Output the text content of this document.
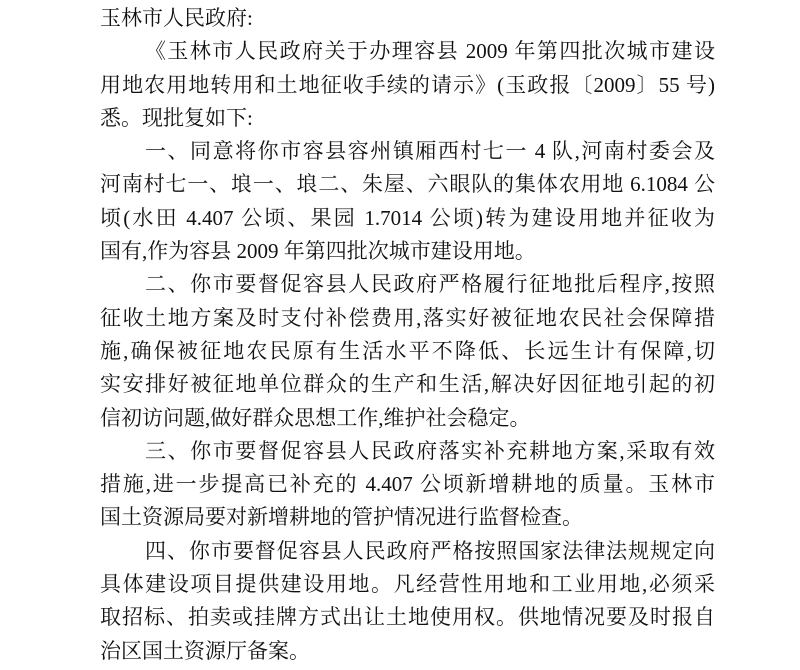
玉林市人民政府:
《玉林市人民政府关于办理容县 2009 年第四批次城市建设
用地农用地转用和土地征收手续的请示》(玉政报〔2009〕55 号)
悉。现批复如下:
一、同意将你市容县容州镇厢西村七一 4 队,河南村委会及
河南村七一、埌一、埌二、朱屋、六眼队的集体农用地 6.1084 公
顷(水田 4.407 公顷、果园 1.7014 公顷)转为建设用地并征收为
国有,作为容县 2009 年第四批次城市建设用地。
二、你市要督促容县人民政府严格履行征地批后程序,按照
征收土地方案及时支付补偿费用,落实好被征地农民社会保障措
施,确保被征地农民原有生活水平不降低、长远生计有保障,切
实安排好被征地单位群众的生产和生活,解决好因征地引起的初
信初访问题,做好群众思想工作,维护社会稳定。
三、你市要督促容县人民政府落实补充耕地方案,采取有效
措施,进一步提高已补充的 4.407 公顷新增耕地的质量。玉林市
国土资源局要对新增耕地的管护情况进行监督检查。
四、你市要督促容县人民政府严格按照国家法律法规规定向
具体建设项目提供建设用地。凡经营性用地和工业用地,必须采
取招标、拍卖或挂牌方式出让土地使用权。供地情况要及时报自
治区国土资源厅备案。
